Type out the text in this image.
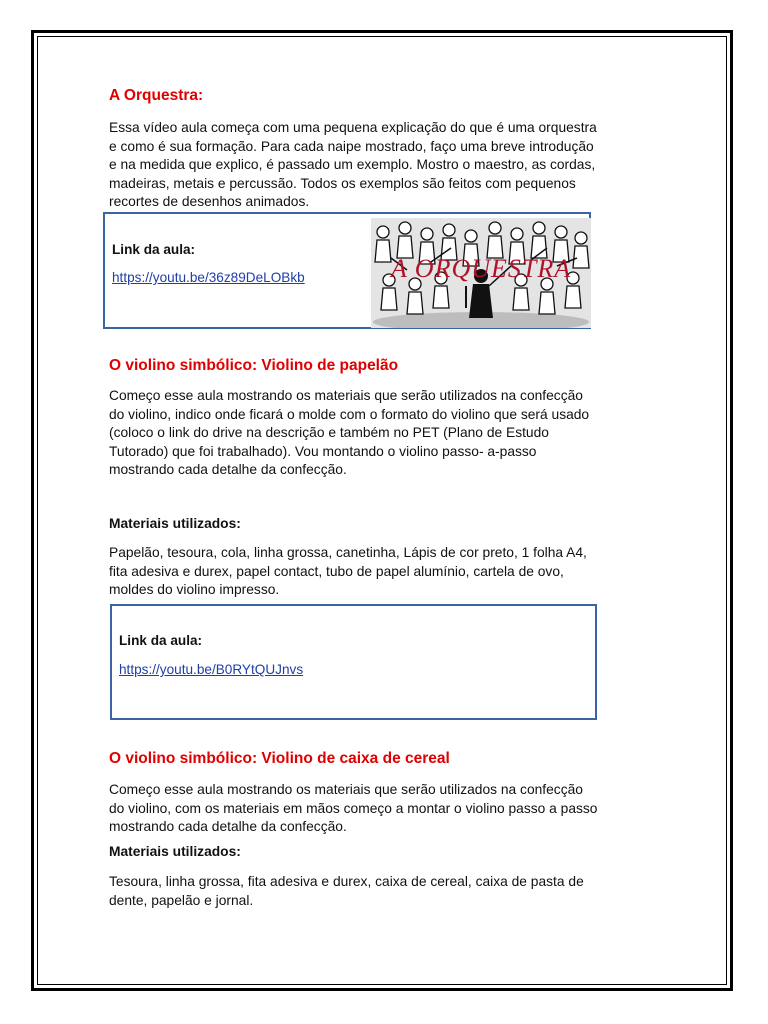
A Orquestra:
Essa vídeo aula começa com uma pequena explicação do que é uma orquestra
e como é sua formação. Para cada naipe mostrado, faço uma breve introdução
e na medida que explico, é passado um exemplo. Mostro o maestro, as cordas,
madeiras, metais e percussão. Todos os exemplos são feitos com pequenos
recortes de desenhos animados.

Link da aula:

https://youtu.be/36z89DeLOBkb	A ORQUESTRA
O violino simbólico: Violino de papelão
Começo esse aula mostrando os materiais que serão utilizados na confecção
do violino, indico onde ficará o molde com o formato do violino que será usado
(coloco o link do drive na descrição e também no PET (Plano de Estudo
Tutorado) que foi trabalhado). Vou montando o violino passo- a-passo
mostrando cada detalhe da confecção.

Materiais utilizados:

Papelão, tesoura, cola, linha grossa, canetinha, Lápis de cor preto, 1 folha A4,
fita adesiva e durex, papel contact, tubo de papel alumínio, cartela de ovo,
moldes do violino impresso.

Link da aula:

https://youtu.be/B0RYtQUJnvs
O violino simbólico: Violino de caixa de cereal
Começo esse aula mostrando os materiais que serão utilizados na confecção
do violino, com os materiais em mãos começo a montar o violino passo a passo
mostrando cada detalhe da confecção.

Materiais utilizados:

Tesoura, linha grossa, fita adesiva e durex, caixa de cereal, caixa de pasta de
dente, papelão e jornal.
